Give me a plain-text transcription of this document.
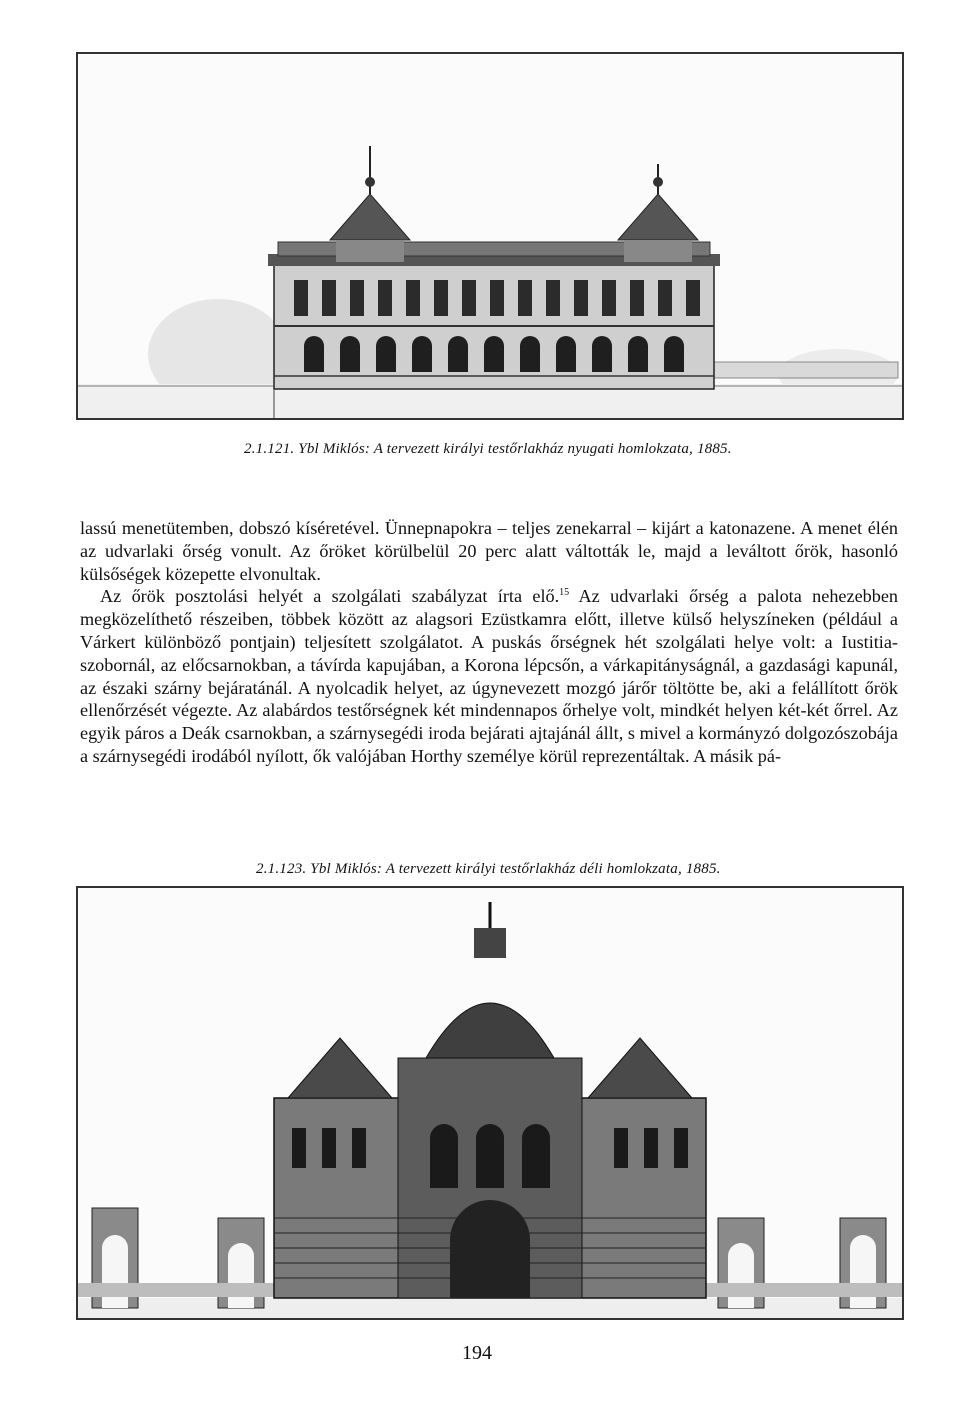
2.1.121. Ybl Miklós: A tervezett királyi testőrlakház nyugati homlokzata, 1885.

lassú menetütemben, dobszó kíséretével. Ünnepnapokra – teljes zenekarral – kijárt a katonazene. A menet élén az udvarlaki őrség vonult. Az őröket körülbelül 20 perc alatt váltották le, majd a leváltott őrök, hasonló külsőségek közepette elvonultak.

Az őrök posztolási helyét a szolgálati szabályzat írta elő.$^{15}$ Az udvarlaki őrség a palota nehezebben megközelíthető részeiben, többek között az alagsori Ezüstkamra előtt, illetve külső helyszíneken (például a Várkert különböző pontjain) teljesített szolgálatot. A puskás őrségnek hét szolgálati helye volt: a Iustitia-szobornál, az előcsarnokban, a távírda kapujában, a Korona lépcsőn, a várkapitányságnál, a gazdasági kapunál, az északi szárny bejáratánál. A nyolcadik helyet, az úgynevezett mozgó járőr töltötte be, aki a felállított őrök ellenőrzését végezte. Az alabárdos testőrségnek két mindennapos őrhelye volt, mindkét helyen két-két őrrel. Az egyik páros a Deák csarnokban, a szárnysegédi iroda bejárati ajtajánál állt, s mivel a kormányzó dolgozószobája a szárnysegédi irodából nyílott, ők valójában Horthy személye körül reprezentáltak. A másik pá-

2.1.123. Ybl Miklós: A tervezett királyi testőrlakház déli homlokzata, 1885.
194
